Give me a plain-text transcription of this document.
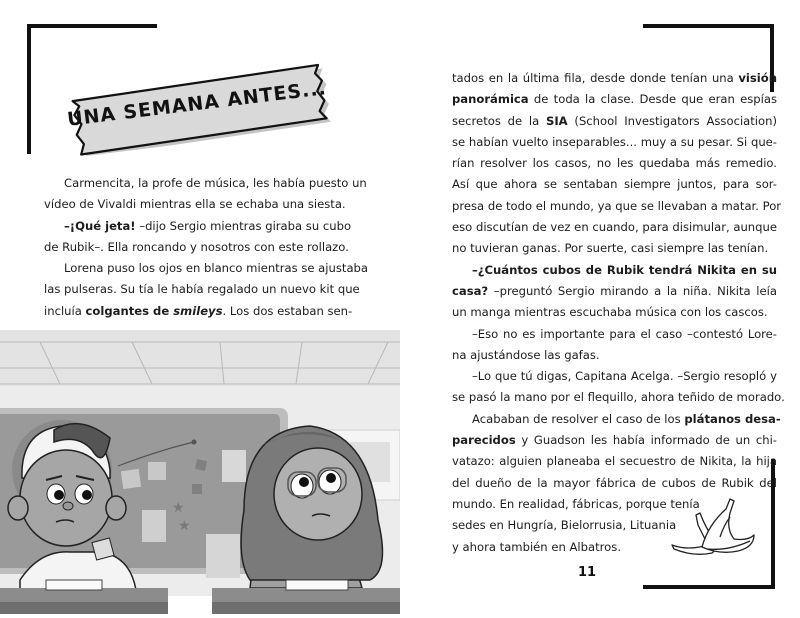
UNA SEMANA ANTES...
Carmencita, la profe de música, les había puesto un
vídeo de Vivaldi mientras ella se echaba una siesta.
–¡Qué jeta! –dijo Sergio mientras giraba su cubo
de Rubik–. Ella roncando y nosotros con este rollazo.
Lorena puso los ojos en blanco mientras se ajustaba
las pulseras. Su tía le había regalado un nuevo kit que
incluía colgantes de smileys. Los dos estaban sen-
★
★
tados en la última fila, desde donde tenían una visión
panorámica de toda la clase. Desde que eran espías
secretos de la SIA (School Investigators Association)
se habían vuelto inseparables... muy a su pesar. Si que-
rían resolver los casos, no les quedaba más remedio.
Así que ahora se sentaban siempre juntos, para sor-
presa de todo el mundo, ya que se llevaban a matar. Por
eso discutían de vez en cuando, para disimular, aunque
no tuvieran ganas. Por suerte, casi siempre las tenían.
–¿Cuántos cubos de Rubik tendrá Nikita en su
casa? –preguntó Sergio mirando a la niña. Nikita leía
un manga mientras escuchaba música con los cascos.
–Eso no es importante para el caso –contestó Lore-
na ajustándose las gafas.
–Lo que tú digas, Capitana Acelga. –Sergio resopló y
se pasó la mano por el flequillo, ahora teñido de morado.
Acababan de resolver el caso de los plátanos desa-
parecidos y Guadson les había informado de un chi-
vatazo: alguien planeaba el secuestro de Nikita, la hija
del dueño de la mayor fábrica de cubos de Rubik del
mundo. En realidad, fábricas, porque tenía
sedes en Hungría, Bielorrusia, Lituania
y ahora también en Albatros.
11
